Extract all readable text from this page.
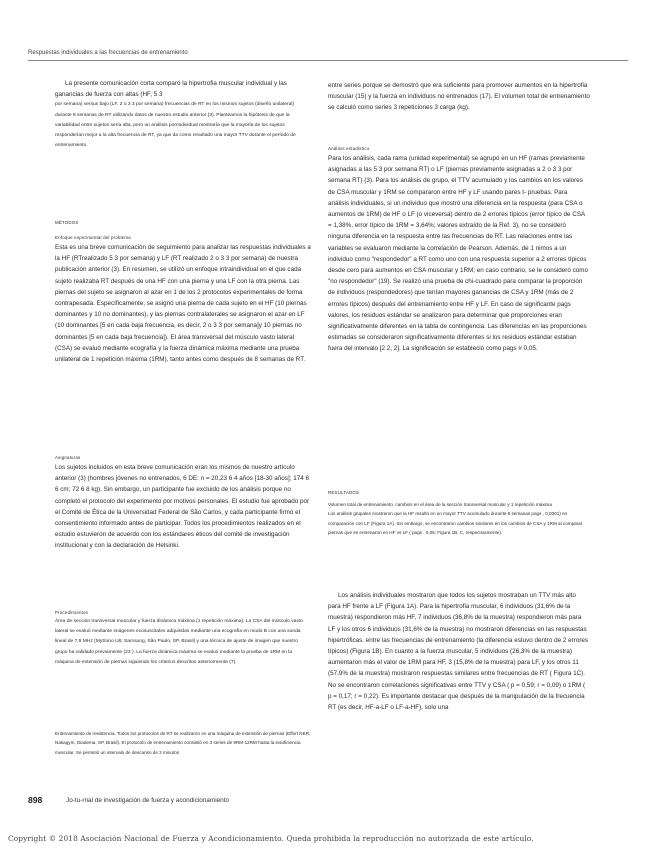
Respuestas individuales a las frecuencias de entrenamiento

La presente comunicación corta comparó la hipertrofia muscular individual y las ganancias de fuerza con altas (HF, 5 3

por semana) versus bajo (LF, 2 o 3 3 por semana) frecuencias de RT en los mismos sujetos (diseño unilateral) durante 8 semanas de RT utilizando datos de nuestro estudio anterior (3). Planteamos la hipótesis de que la variabilidad entre sujetos sería alta, pero un análisis pormidividual mostraría que la mayoría de los sujetos responderían mejor a la alta frecuencia de RT, ya que da como resultado una mayor TTV durante el período de entrenamiento.

MÉTODOS

Enfoque experimental del problema

Esta es una breve comunicación de seguimiento para analizar las respuestas individuales a la HF (RTrealizado 5 3 por semana) y LF (RT realizado 2 o 3 3 por semana) de nuestra publicación anterior (3). En resumen, se utilizó un enfoque intraindividual en el que cada sujeto realizaba RT después de una HF con una pierna y una LF con la otra pierna. Las piernas del sujeto se asignaron al azar en 1 de los 2 protocolos experimentales de forma contrapesada. Específicamente, se asignó una pierna de cada sujeto en el HF (10 piernas dominantes y 10 no dominantes), y las piernas contralaterales se asignaron el azar en LF (10 dominantes [5 en cada baja frecuencia, es decir, 2 o 3 3 por semana]y 10 piernas no dominantes [5 en cada baja frecuencia]). El área transversal del músculo vasto lateral (CSA) se evaluó mediante ecografía y la fuerza dinámica máxima mediante una prueba unilateral de 1 repetición máxima (1RM), tanto antes como después de 8 semanas de RT.

Asignaturas

Los sujetos incluidos en esta breve comunicación eran los mismos de nuestro artículo anterior (3) (hombres jóvenes no entrenados, 6 DE: n = 20,23 6 4 años [18-30 años]; 174 6 6 cm; 72 6 8 kg). Sin embargo, un participante fue excluido de los análisis porque no completó el protocolo del experimento por motivos personales. El estudio fue aprobado por el Comité de Ética de la Universidad Federal de São Carlos, y cada participante firmó el consentimiento informado antes de participar. Todos los procedimientos realizados en el estudio estuvieron de acuerdo con los estándares éticos del comité de investigación institucional y con la declaración de Helsinki.

Procedimientos

Área de sección transversal muscular y fuerza dinámica máxima (1 repetición máxima). La CSA del músculo vasto lateral se evaluó mediante imágenes ecosuscitales adquiridas mediante una ecografía en modo B con una sonda lineal de 7,5 MHz (MySono U6; Samsung, São Paulo, SP, Brasil) y una técnica de ajuste de imagen que nuestro grupo ha validado previamente (23 ). La fuerza dinámica máxima se evaluó mediante la prueba de 1RM en la máquina de extensión de piernas siguiendo los criterios descritos anteriormente (7).

Entrenamiento de resistencia. Todos los protocolos de RT se realizaron en una máquina de extensión de piernas (Effort NKR; Nakagym, Diadema, SP, Brasil). El protocolo de entrenamiento consistió en 3 series de 9RM-12RM hasta la insuficiencia muscular. Se permitió un intervalo de descanso de 2 minutos

entre series porque se demostró que era suficiente para promover aumentos en la hipertrofia muscular (15) y la fuerza en individuos no entrenados (17). El volumen total de entrenamiento se calculó como series 3 repeticiones 3 carga (kg).

Análisis estadístico

Para los análisis, cada rama (unidad experimental) se agrupó en un HF (ramas previamente asignadas a las 5 3 por semana RT) o LF (piernas previamente asignadas a 2 o 3 3 por semana RT) (3). Para los análisis de grupo, el TTV acumulado y los cambios en los valores de CSA muscular y 1RM se compararon entre HF y LF usando pares t- pruebas. Para análisis individuales, si un individuo que mostró una diferencia en la respuesta (para CSA o aumentos de 1RM) de HF o LF (o viceversa) dentro de 2 errores típicos (error típico de CSA = 1,38%, error típico de 1RM = 3,64%; valores extraído de la Ref. 3), no se consideró ninguna diferencia en la respuesta entre las frecuencias de RT. Las relaciones entre las variables se evaluaron mediante la correlación de Pearson. Además, de 1 nimos a un individuo como "respondedor" a RT como uno con una respuesta superior a 2 errores típicos desde cero para aumentos en CSA muscular y 1RM; en caso contrario, se le consideró como "no respondedor" (19). Se realizó una prueba de chi-cuadrado para comparar la proporción de individuos (respondedores) que tenían mayores ganancias de CSA y 1RM (más de 2 errores típicos) después del entrenamiento entre HF y LF. En caso de significante pags valores, los residuos estándar se analizaron para determinar qué proporciones eran significativamente diferentes en la tabla de contingencia. Las diferencias en las proporciones estimadas se consideraron significativamente diferentes si los residuos estándar estaban fuera del intervalo [2 2, 2]. La significación se estableció como pags # 0,05.

RESULTADOS

Volumen total de entrenamiento, cambios en el área de la sección transversal muscular y 1 repetición máxima

Los análisis grupales mostraron que la HF resultó en un mayor TTV acumulado durante 8 semanas pags , 0,0001) en comparación con LF (Figura 1A). Sin embargo, se encontraron cambios similares en los cambios de CSA y 1RM al comparar piernas que se entrenaron en HF vs LF ( pags . 0,05; Figura 1B, C, respectivamente).

Los análisis individuales mostraron que todos los sujetos mostraban un TTV más alto para HF frente a LF (Figura 1A). Para la hipertrofia muscular, 6 individuos (31,6% de la muestra) respondieron más HF, 7 individuos (36,8% de la muestra) respondieron más para LF y los otros 6 individuos (31,6% de la muestra) no mostraron diferencias en las respuestas hipertróficas. entre las frecuencias de entrenamiento (la diferencia estuvo dentro de 2 errores típicos) (Figura 1B). En cuanto a la fuerza muscular, 5 individuos (26,3% de la muestra) aumentaron más el valor de 1RM para HF, 3 (15,8% de la muestra) para LF, y los otros 11 (57,9% de la muestra) mostraron respuestas similares entre frecuencias de RT ( Figura 1C). No se encontraron correlaciones significativas entre TTV y CSA ( p = 0,59; r = 0,09) o 1RM ( p = 0,17; r = 0,22). Es importante destacar que después de la manipulación de la frecuencia RT (es decir, HF-a-LF o LF-a-HF), solo una

898	Jo-tu-rnal de investigación de fuerza y acondicionamiento
Copyright © 2018 Asociación Nacional de Fuerza y Acondicionamiento. Queda prohibida la reproducción no autorizada de este artículo.
